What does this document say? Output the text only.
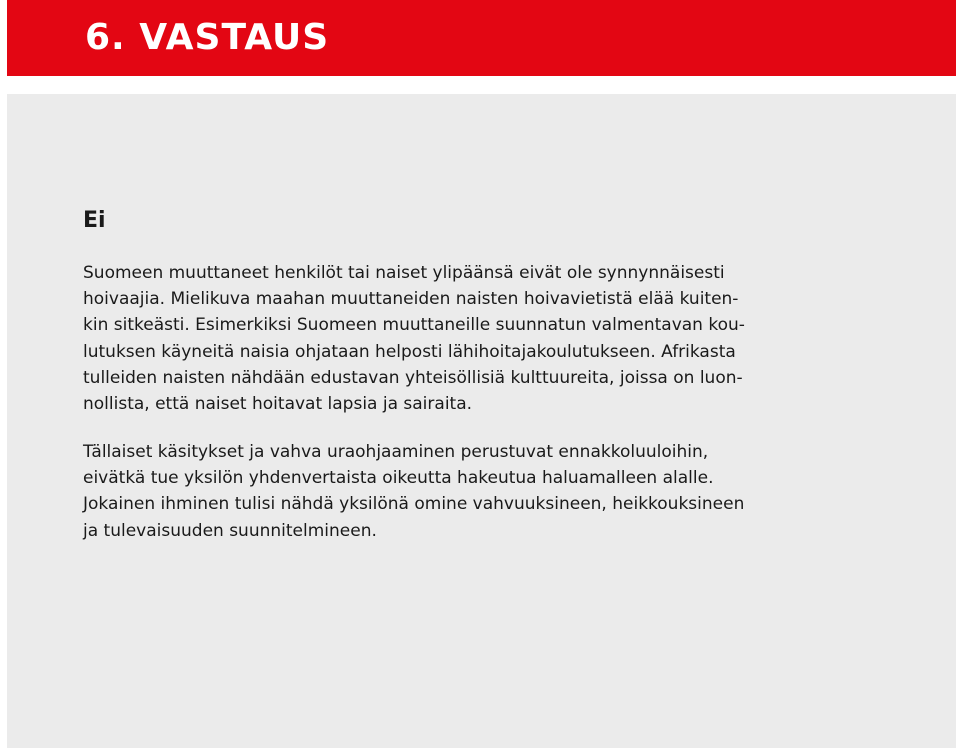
6. VASTAUS
Ei

Suomeen muuttaneet henkilöt tai naiset ylipäänsä eivät ole synnynnäisesti
hoivaajia. Mielikuva maahan muuttaneiden naisten hoivavietistä elää kuiten-
kin sitkeästi. Esimerkiksi Suomeen muuttaneille suunnatun valmentavan kou-
lutuksen käyneitä naisia ohjataan helposti lähihoitajakoulutukseen. Afrikasta
tulleiden naisten nähdään edustavan yhteisöllisiä kulttuureita, joissa on luon-
nollista, että naiset hoitavat lapsia ja sairaita.

Tällaiset käsitykset ja vahva uraohjaaminen perustuvat ennakkoluuloihin,
eivätkä tue yksilön yhdenvertaista oikeutta hakeutua haluamalleen alalle.
Jokainen ihminen tulisi nähdä yksilönä omine vahvuuksineen, heikkouksineen
ja tulevaisuuden suunnitelmineen.
